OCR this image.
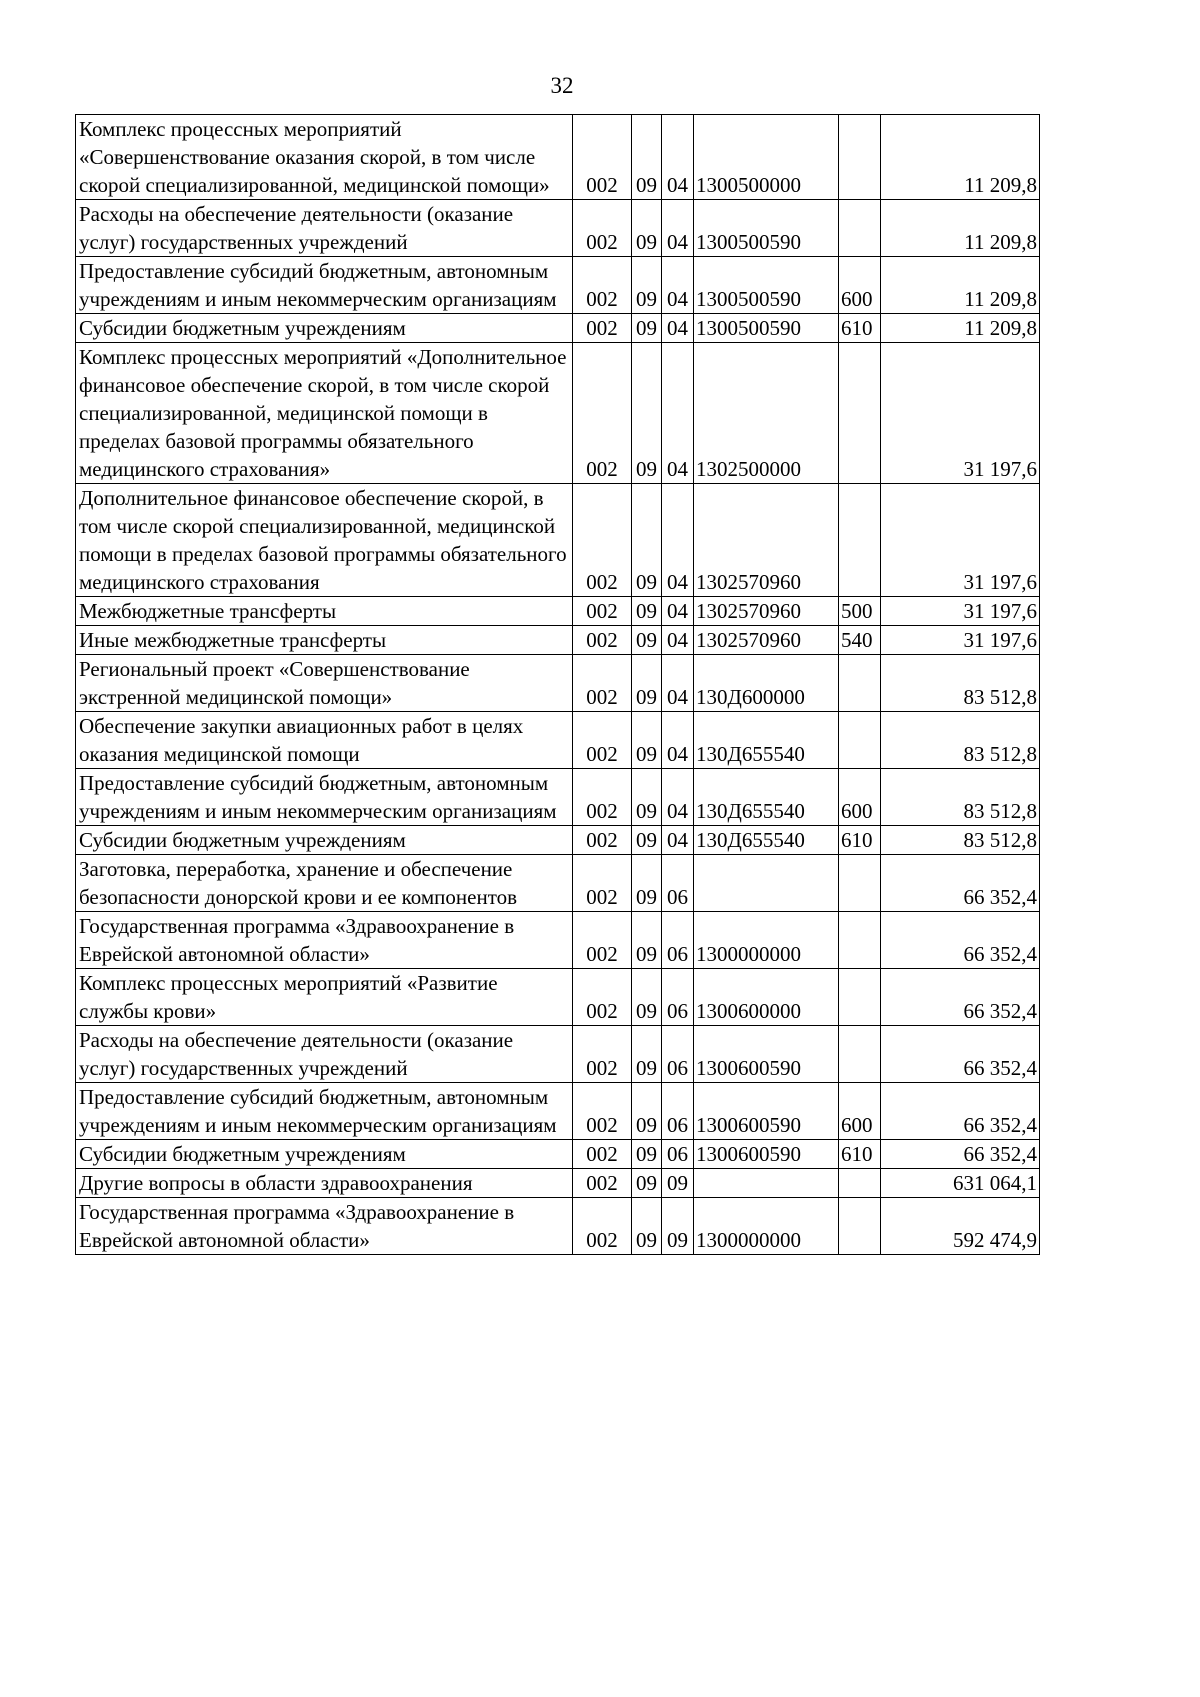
32
Комплекс процессных мероприятий «Совершенствование оказания скорой, в том числе скорой специализированной, медицинской помощи»	002	09	04	1300500000		11 209,8
Расходы на обеспечение деятельности (оказание услуг) государственных учреждений	002	09	04	1300500590		11 209,8
Предоставление субсидий бюджетным, автономным учреждениям и иным некоммерческим организациям	002	09	04	1300500590	600	11 209,8
Субсидии бюджетным учреждениям	002	09	04	1300500590	610	11 209,8
Комплекс процессных мероприятий «Дополнительное финансовое обеспечение скорой, в том числе скорой специализированной, медицинской помощи в пределах базовой программы обязательного медицинского страхования»	002	09	04	1302500000		31 197,6
Дополнительное финансовое обеспечение скорой, в том числе скорой специализированной, медицинской помощи в пределах базовой программы обязательного медицинского страхования	002	09	04	1302570960		31 197,6
Межбюджетные трансферты	002	09	04	1302570960	500	31 197,6
Иные межбюджетные трансферты	002	09	04	1302570960	540	31 197,6
Региональный проект «Совершенствование экстренной медицинской помощи»	002	09	04	130Д600000		83 512,8
Обеспечение закупки авиационных работ в целях оказания медицинской помощи	002	09	04	130Д655540		83 512,8
Предоставление субсидий бюджетным, автономным учреждениям и иным некоммерческим организациям	002	09	04	130Д655540	600	83 512,8
Субсидии бюджетным учреждениям	002	09	04	130Д655540	610	83 512,8
Заготовка, переработка, хранение и обеспечение безопасности донорской крови и ее компонентов	002	09	06			66 352,4
Государственная программа «Здравоохранение в Еврейской автономной области»	002	09	06	1300000000		66 352,4
Комплекс процессных мероприятий «Развитие службы крови»	002	09	06	1300600000		66 352,4
Расходы на обеспечение деятельности (оказание услуг) государственных учреждений	002	09	06	1300600590		66 352,4
Предоставление субсидий бюджетным, автономным учреждениям и иным некоммерческим организациям	002	09	06	1300600590	600	66 352,4
Субсидии бюджетным учреждениям	002	09	06	1300600590	610	66 352,4
Другие вопросы в области здравоохранения	002	09	09			631 064,1
Государственная программа «Здравоохранение в Еврейской автономной области»	002	09	09	1300000000		592 474,9
